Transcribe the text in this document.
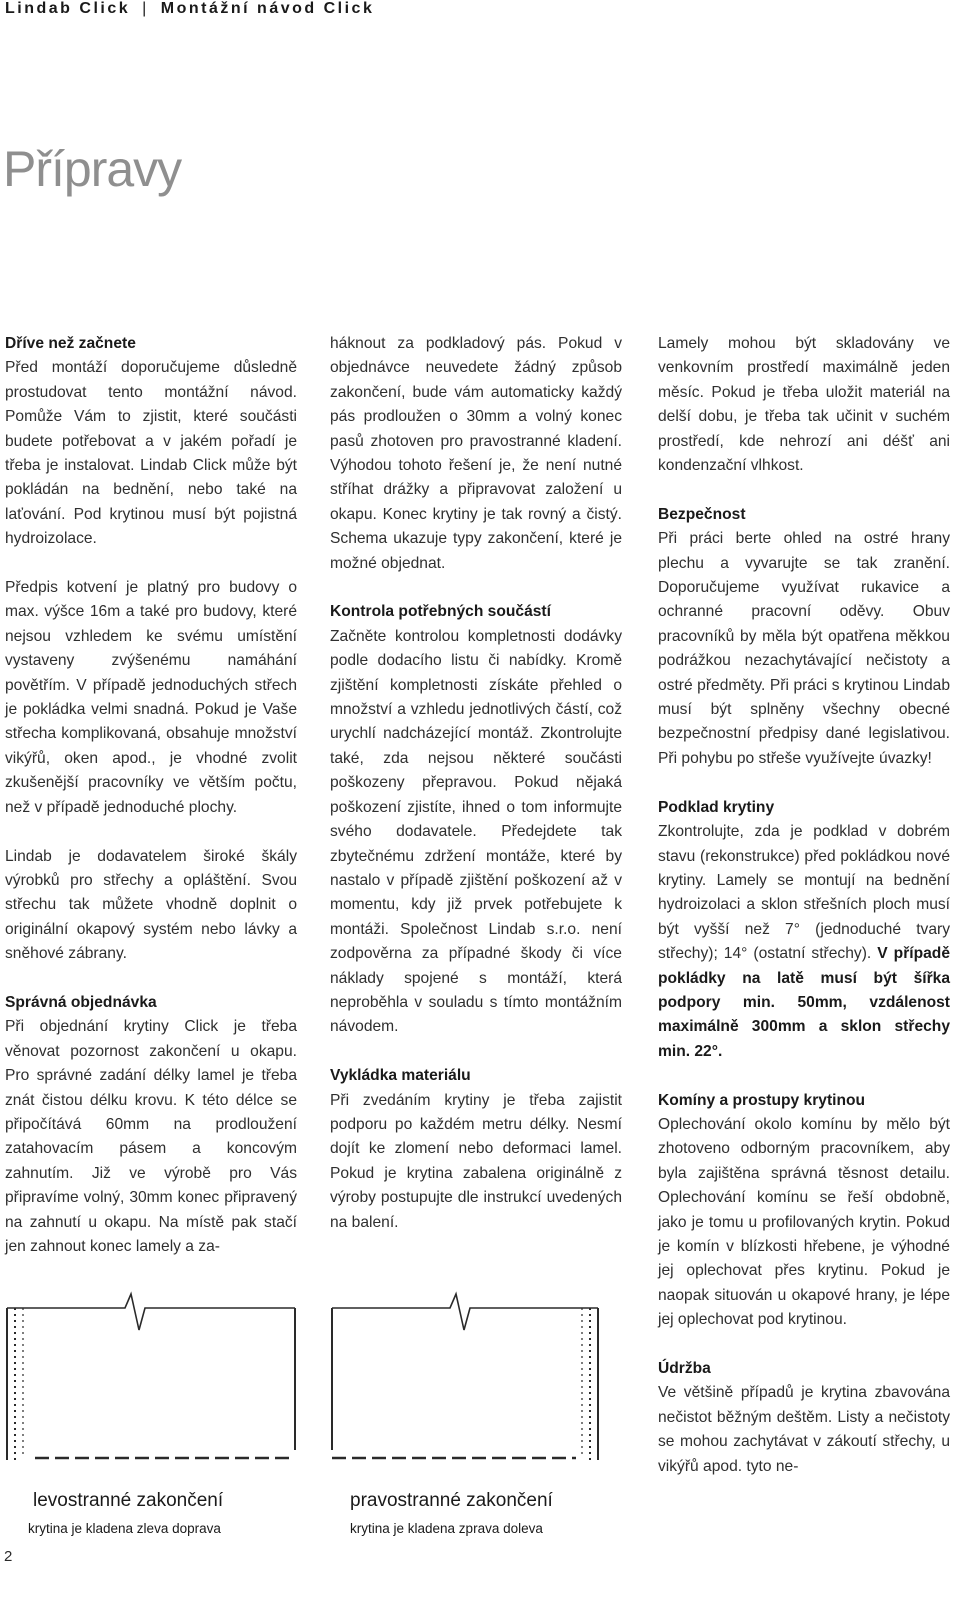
Lindab Click | Montážní návod Click
Přípravy
Dříve než začnete

Před montáží doporučujeme důsledně prostudovat tento montážní návod. Pomůže Vám to zjistit, které součásti budete potřebovat a v jakém pořadí je třeba je instalovat. Lindab Click může být pokládán na bednění, nebo také na laťování. Pod krytinou musí být pojistná hydroizolace.

Předpis kotvení je platný pro budovy o max. výšce 16m a také pro budovy, které nejsou vzhledem ke svému umístění vystaveny zvýšenému namáhání povětřím. V případě jednoduchých střech je pokládka velmi snadná. Pokud je Vaše střecha komplikovaná, obsahuje množství vikýřů, oken apod., je vhodné zvolit zkušenější pracovníky ve větším počtu, než v případě jednoduché plochy.

Lindab je dodavatelem široké škály výrobků pro střechy a opláštění. Svou střechu tak můžete vhodně doplnit o originální okapový systém nebo lávky a sněhové zábrany.

Správná objednávka

Při objednání krytiny Click je třeba věnovat pozornost zakončení u okapu. Pro správné zadání délky lamel je třeba znát čistou délku krovu. K této délce se připočítává 60mm na prodloužení zatahovacím pásem a koncovým zahnutím. Již ve výrobě pro Vás připravíme volný, 30mm konec připravený na zahnutí u okapu. Na místě pak stačí jen zahnout konec lamely a za-

háknout za podkladový pás. Pokud v objednávce neuvedete žádný způsob zakončení, bude vám automaticky každý pás prodloužen o 30mm a volný konec pasů zhotoven pro pravostranné kladení. Výhodou tohoto řešení je, že není nutné stříhat drážky a připravovat založení u okapu. Konec krytiny je tak rovný a čistý. Schema ukazuje typy zakončení, které je možné objednat.

Kontrola potřebných součástí

Začněte kontrolou kompletnosti dodávky podle dodacího listu či nabídky. Kromě zjištění kompletnosti získáte přehled o množství a vzhledu jednotlivých částí, což urychlí nadcházející montáž. Zkontrolujte také, zda nejsou některé součásti poškozeny přepravou. Pokud nějaká poškození zjistíte, ihned o tom informujte svého dodavatele. Předejdete tak zbytečnému zdržení montáže, které by nastalo v případě zjištění poškození až v momentu, kdy již prvek potřebujete k montáži. Společnost Lindab s.r.o. není zodpověrna za případné škody či více náklady spojené s montáží, která neproběhla v souladu s tímto montážním návodem.

Vykládka materiálu

Při zvedáním krytiny je třeba zajistit podporu po každém metru délky. Nesmí dojít ke zlomení nebo deformaci lamel. Pokud je krytina zabalena originálně z výroby postupujte dle instrukcí uvedených na balení.

Lamely mohou být skladovány ve venkovním prostředí maximálně jeden měsíc. Pokud je třeba uložit materiál na delší dobu, je třeba tak učinit v suchém prostředí, kde nehrozí ani déšť ani kondenzační vlhkost.

Bezpečnost

Při práci berte ohled na ostré hrany plechu a vyvarujte se tak zranění. Doporučujeme využívat rukavice a ochranné pracovní oděvy. Obuv pracovníků by měla být opatřena měkkou podrážkou nezachytávající nečistoty a ostré předměty. Při práci s krytinou Lindab musí být splněny všechny obecné bezpečnostní předpisy dané legislativou. Při pohybu po střeše využívejte úvazky!

Podklad krytiny

Zkontrolujte, zda je podklad v dobrém stavu (rekonstrukce) před pokládkou nové krytiny. Lamely se montují na bednění hydroizolaci a sklon střešních ploch musí být vyšší než 7° (jednoduché tvary střechy); 14° (ostatní střechy). V případě pokládky na latě musí být šířka podpory min. 50mm, vzdálenost maximálně 300mm a sklon střechy min. 22°.

Komíny a prostupy krytinou

Oplechování okolo komínu by mělo být zhotoveno odborným pracovníkem, aby byla zajištěna správná těsnost detailu. Oplechování komínu se řeší obdobně, jako je tomu u profilovaných krytin. Pokud je komín v blízkosti hřebene, je výhodné jej oplechovat přes krytinu. Pokud je naopak situován u okapové hrany, je lépe jej oplechovat pod krytinou.

Údržba

Ve většině případů je krytina zbavována nečistot běžným deštěm. Listy a nečistoty se mohou zachytávat v zákoutí střechy, u vikýřů apod. tyto ne-

levostranné zakončení
krytina je kladena zleva doprava
pravostranné zakončení
krytina je kladena zprava doleva
2
